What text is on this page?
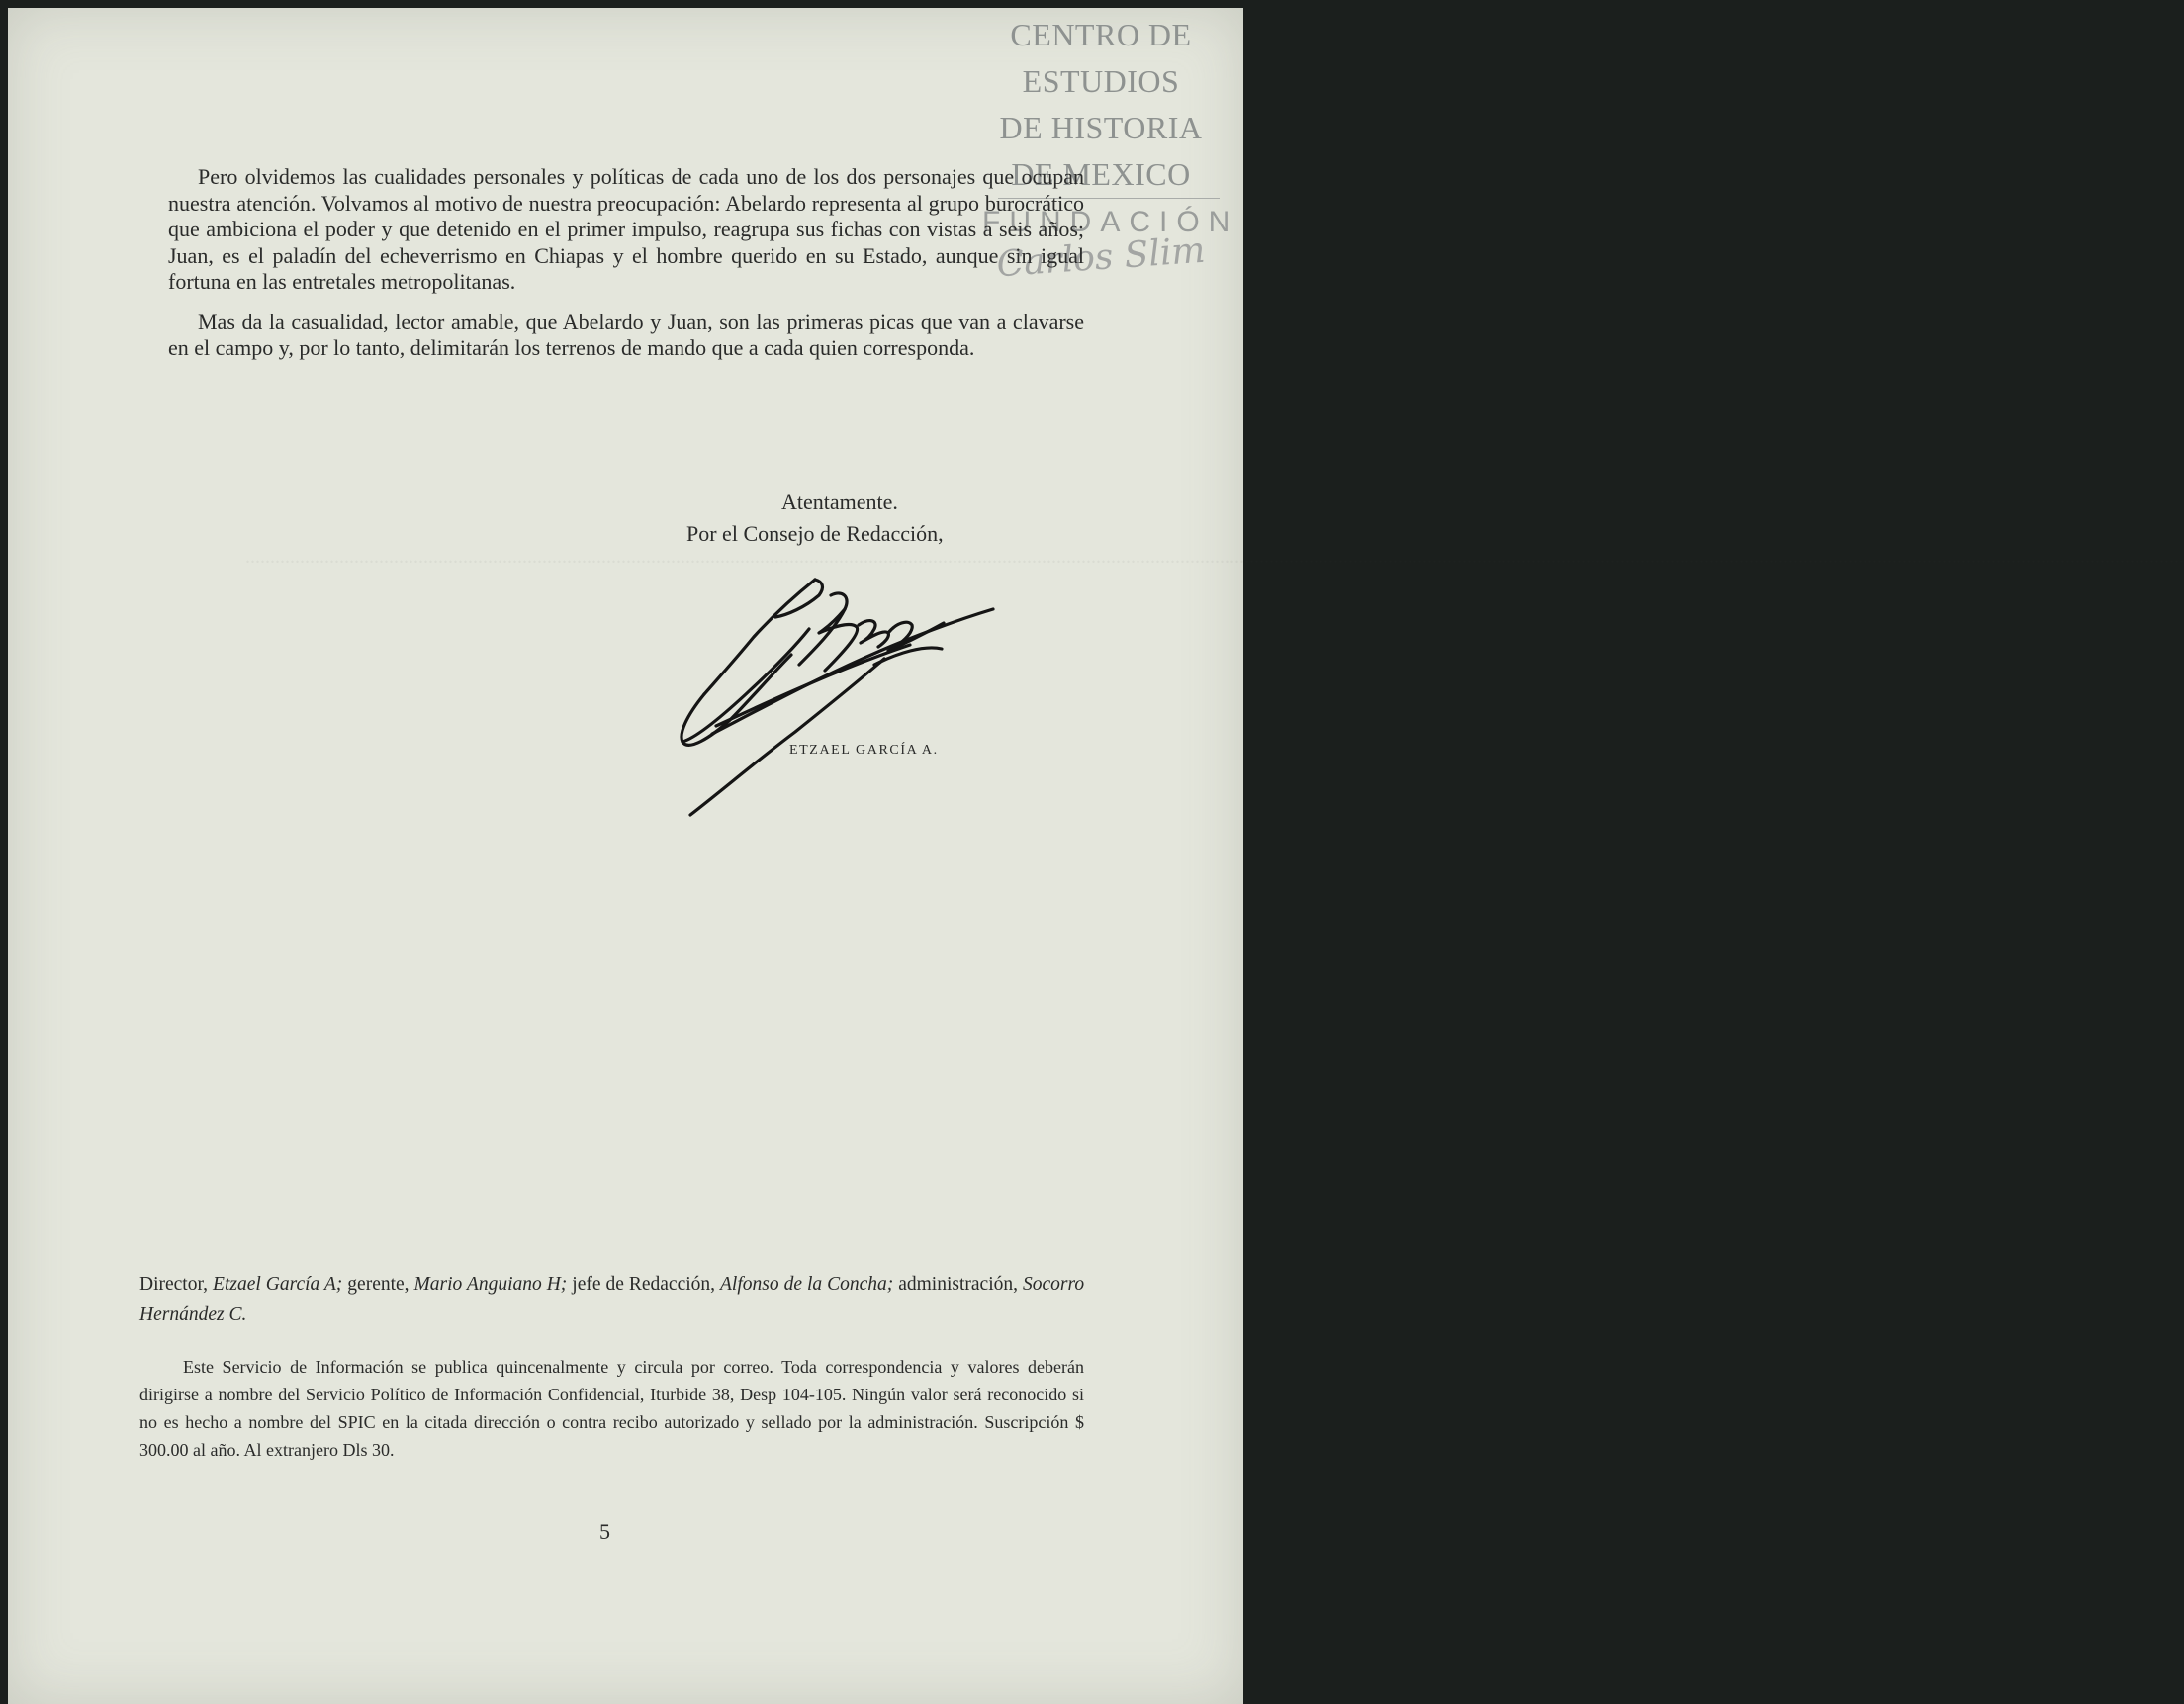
CENTRO DE
ESTUDIOS
DE HISTORIA
DE MEXICO
FUNDACIÓN
Carlos Slim

Pero olvidemos las cualidades personales y políticas de cada uno de los dos personajes que ocupan nuestra atención. Volvamos al motivo de nuestra preocupación: Abelardo representa al grupo burocrático que ambiciona el poder y que detenido en el primer impulso, reagrupa sus fichas con vistas a seis años; Juan, es el paladín del echeverrismo en Chiapas y el hombre querido en su Estado, aunque sin igual fortuna en las entretales metropolitanas.

Mas da la casualidad, lector amable, que Abelardo y Juan, son las primeras picas que van a clavarse en el campo y, por lo tanto, delimitarán los terrenos de mando que a cada quien corresponda.

Atentamente.
Por el Consejo de Redacción,
ETZAEL GARCÍA A.
........................................................................................................................................................................................................................................................................................................................................................................................................
Director, Etzael García A; gerente, Mario Anguiano H; jefe de Redacción, Alfonso de la Concha; administración, Socorro Hernández C.

Este Servicio de Información se publica quincenalmente y circula por correo. Toda correspondencia y valores deberán dirigirse a nombre del Servicio Político de Información Confidencial, Iturbide 38, Desp 104-105. Ningún valor será reconocido si no es hecho a nombre del SPIC en la citada dirección o contra recibo autorizado y sellado por la administración. Suscripción $ 300.00 al año. Al extranjero Dls 30.

5
